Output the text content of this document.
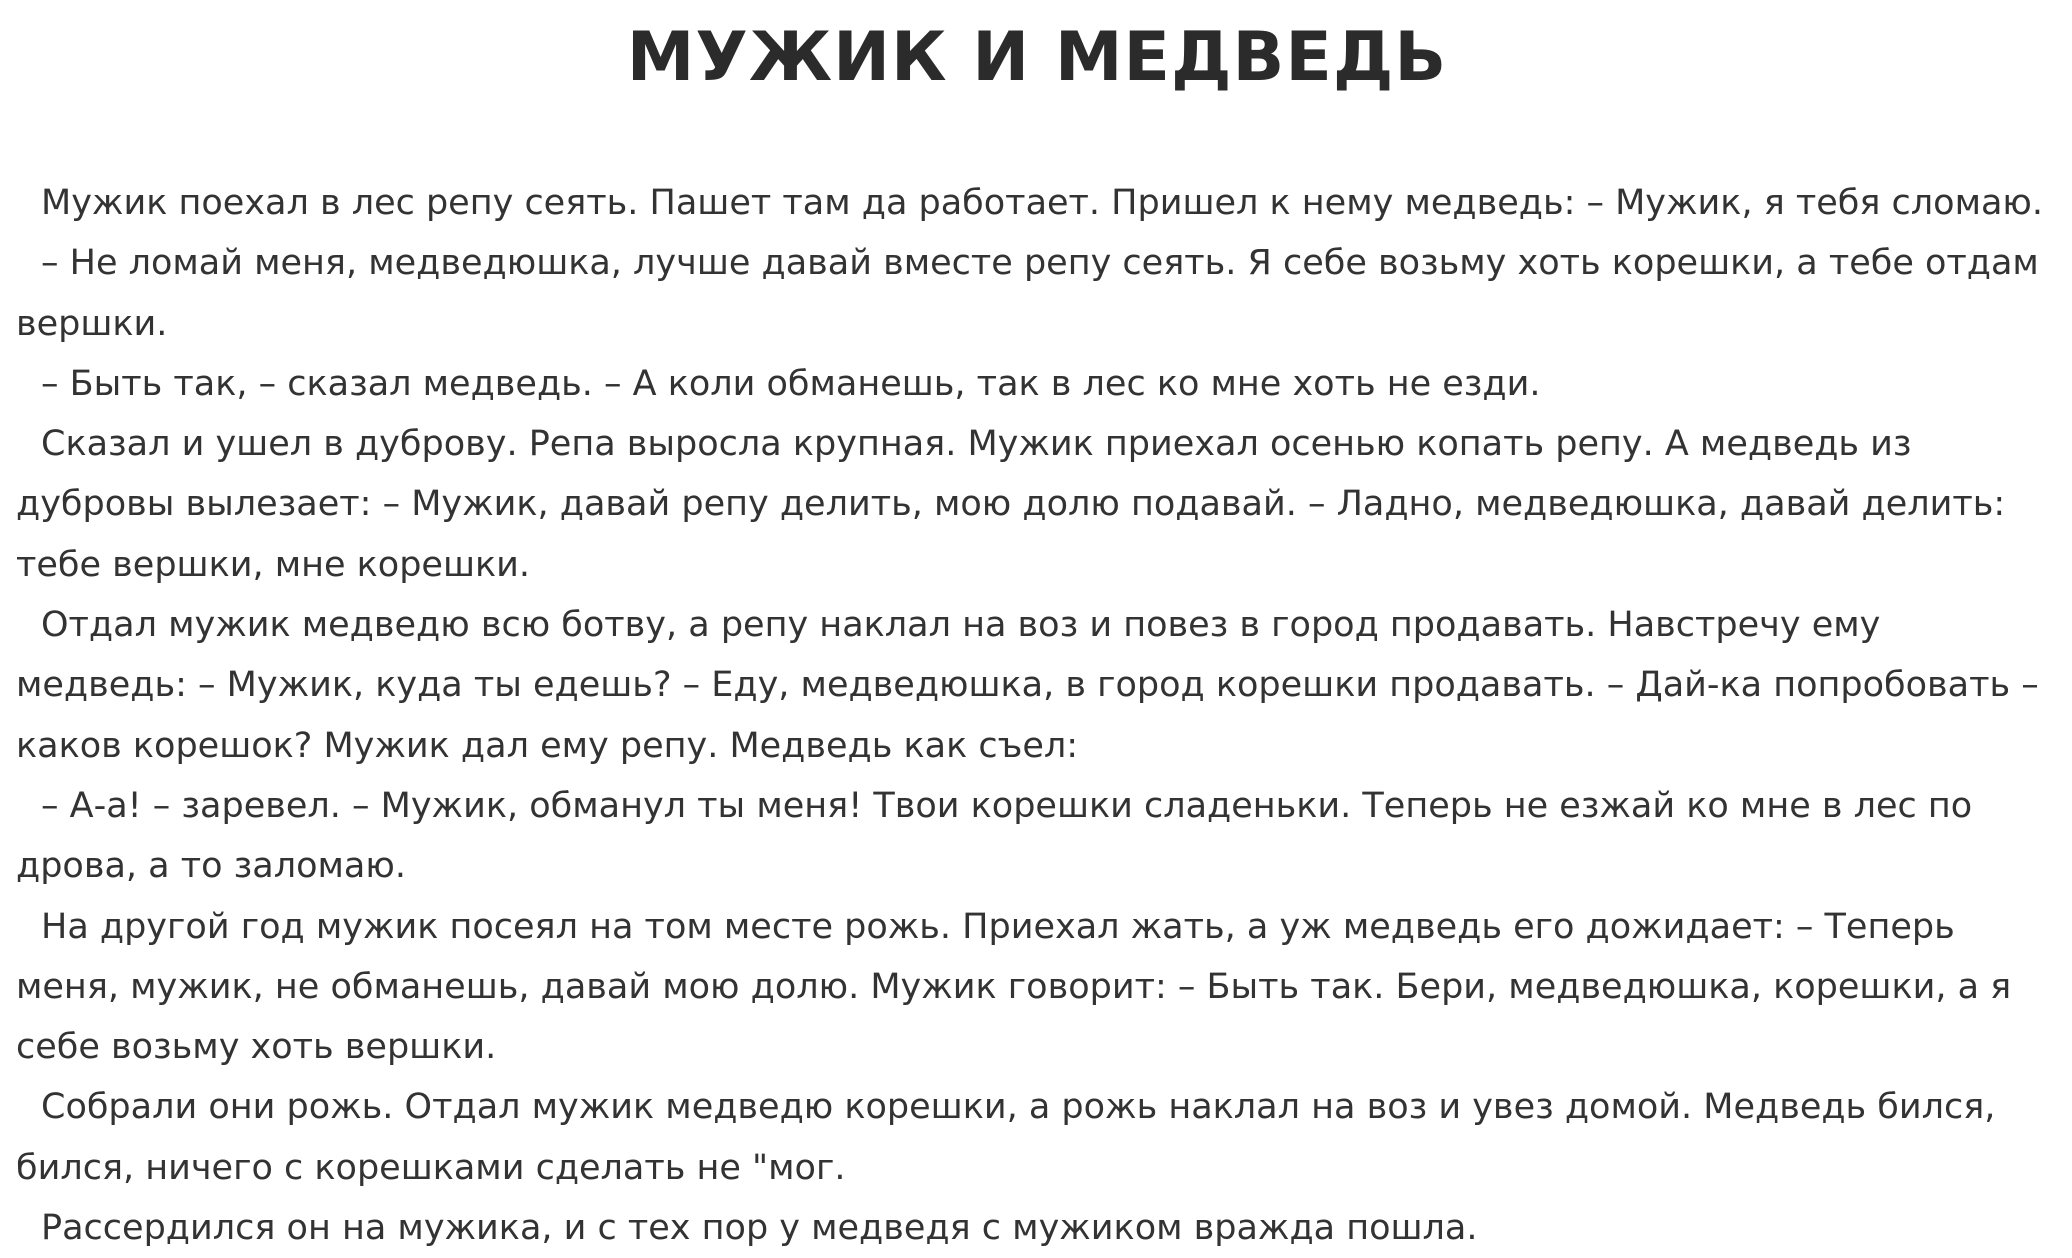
МУЖИК И МЕДВЕДЬ

Мужик поехал в лес репу сеять. Пашет там да работает. Пришел к нему медведь: – Мужик, я тебя сломаю.

– Не ломай меня, медведюшка, лучше давай вместе репу сеять. Я себе возьму хоть корешки, а тебе отдам вершки.

– Быть так, – сказал медведь. – А коли обманешь, так в лес ко мне хоть не езди.

Сказал и ушел в дуброву. Репа выросла крупная. Мужик приехал осенью копать репу. А медведь из дубровы вылезает: – Мужик, давай репу делить, мою долю подавай. – Ладно, медведюшка, давай делить: тебе вершки, мне корешки.

Отдал мужик медведю всю ботву, а репу наклал на воз и повез в город продавать. Навстречу ему медведь: – Мужик, куда ты едешь? – Еду, медведюшка, в город корешки продавать. – Дай-ка попробовать – каков корешок? Мужик дал ему репу. Медведь как съел:

– А-а! – заревел. – Мужик, обманул ты меня! Твои корешки сладеньки. Теперь не езжай ко мне в лес по дрова, а то заломаю.

На другой год мужик посеял на том месте рожь. Приехал жать, а уж медведь его дожидает: – Теперь меня, мужик, не обманешь, давай мою долю. Мужик говорит: – Быть так. Бери, медведюшка, корешки, а я себе возьму хоть вершки.

Собрали они рожь. Отдал мужик медведю корешки, а рожь наклал на воз и увез домой. Медведь бился, бился, ничего с корешками сделать не "мог.

Рассердился он на мужика, и с тех пор у медведя с мужиком вражда пошла.
